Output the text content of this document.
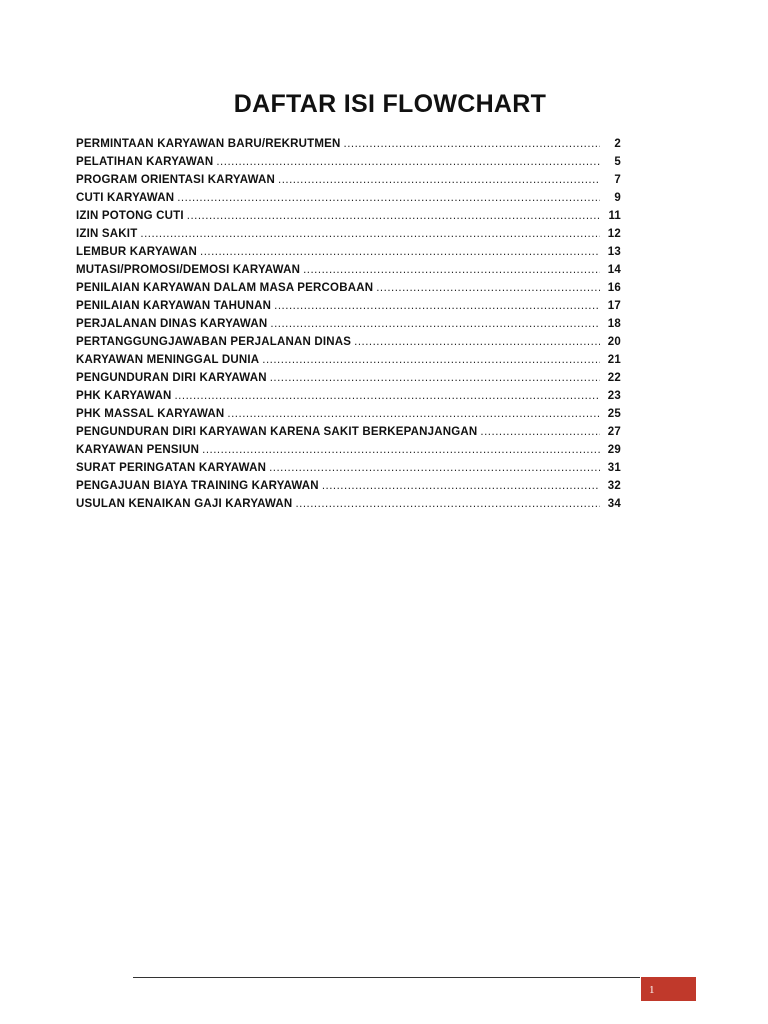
DAFTAR ISI FLOWCHART
PERMINTAAN KARYAWAN BARU/REKRUTMEN .....	2
PELATIHAN KARYAWAN .....	5
PROGRAM ORIENTASI KARYAWAN .....	7
CUTI KARYAWAN .....	9
IZIN POTONG CUTI .....	11
IZIN SAKIT .....	12
LEMBUR KARYAWAN .....	13
MUTASI/PROMOSI/DEMOSI KARYAWAN .....	14
PENILAIAN KARYAWAN DALAM MASA PERCOBAAN .....	16
PENILAIAN KARYAWAN TAHUNAN .....	17
PERJALANAN DINAS KARYAWAN .....	18
PERTANGGUNGJAWABAN PERJALANAN DINAS .....	20
KARYAWAN MENINGGAL DUNIA .....	21
PENGUNDURAN DIRI KARYAWAN .....	22
PHK KARYAWAN .....	23
PHK MASSAL KARYAWAN .....	25
PENGUNDURAN DIRI KARYAWAN KARENA SAKIT BERKEPANJANGAN .....	27
KARYAWAN PENSIUN .....	29
SURAT PERINGATAN KARYAWAN .....	31
PENGAJUAN BIAYA TRAINING KARYAWAN .....	32
USULAN KENAIKAN GAJI KARYAWAN .....	34
1
